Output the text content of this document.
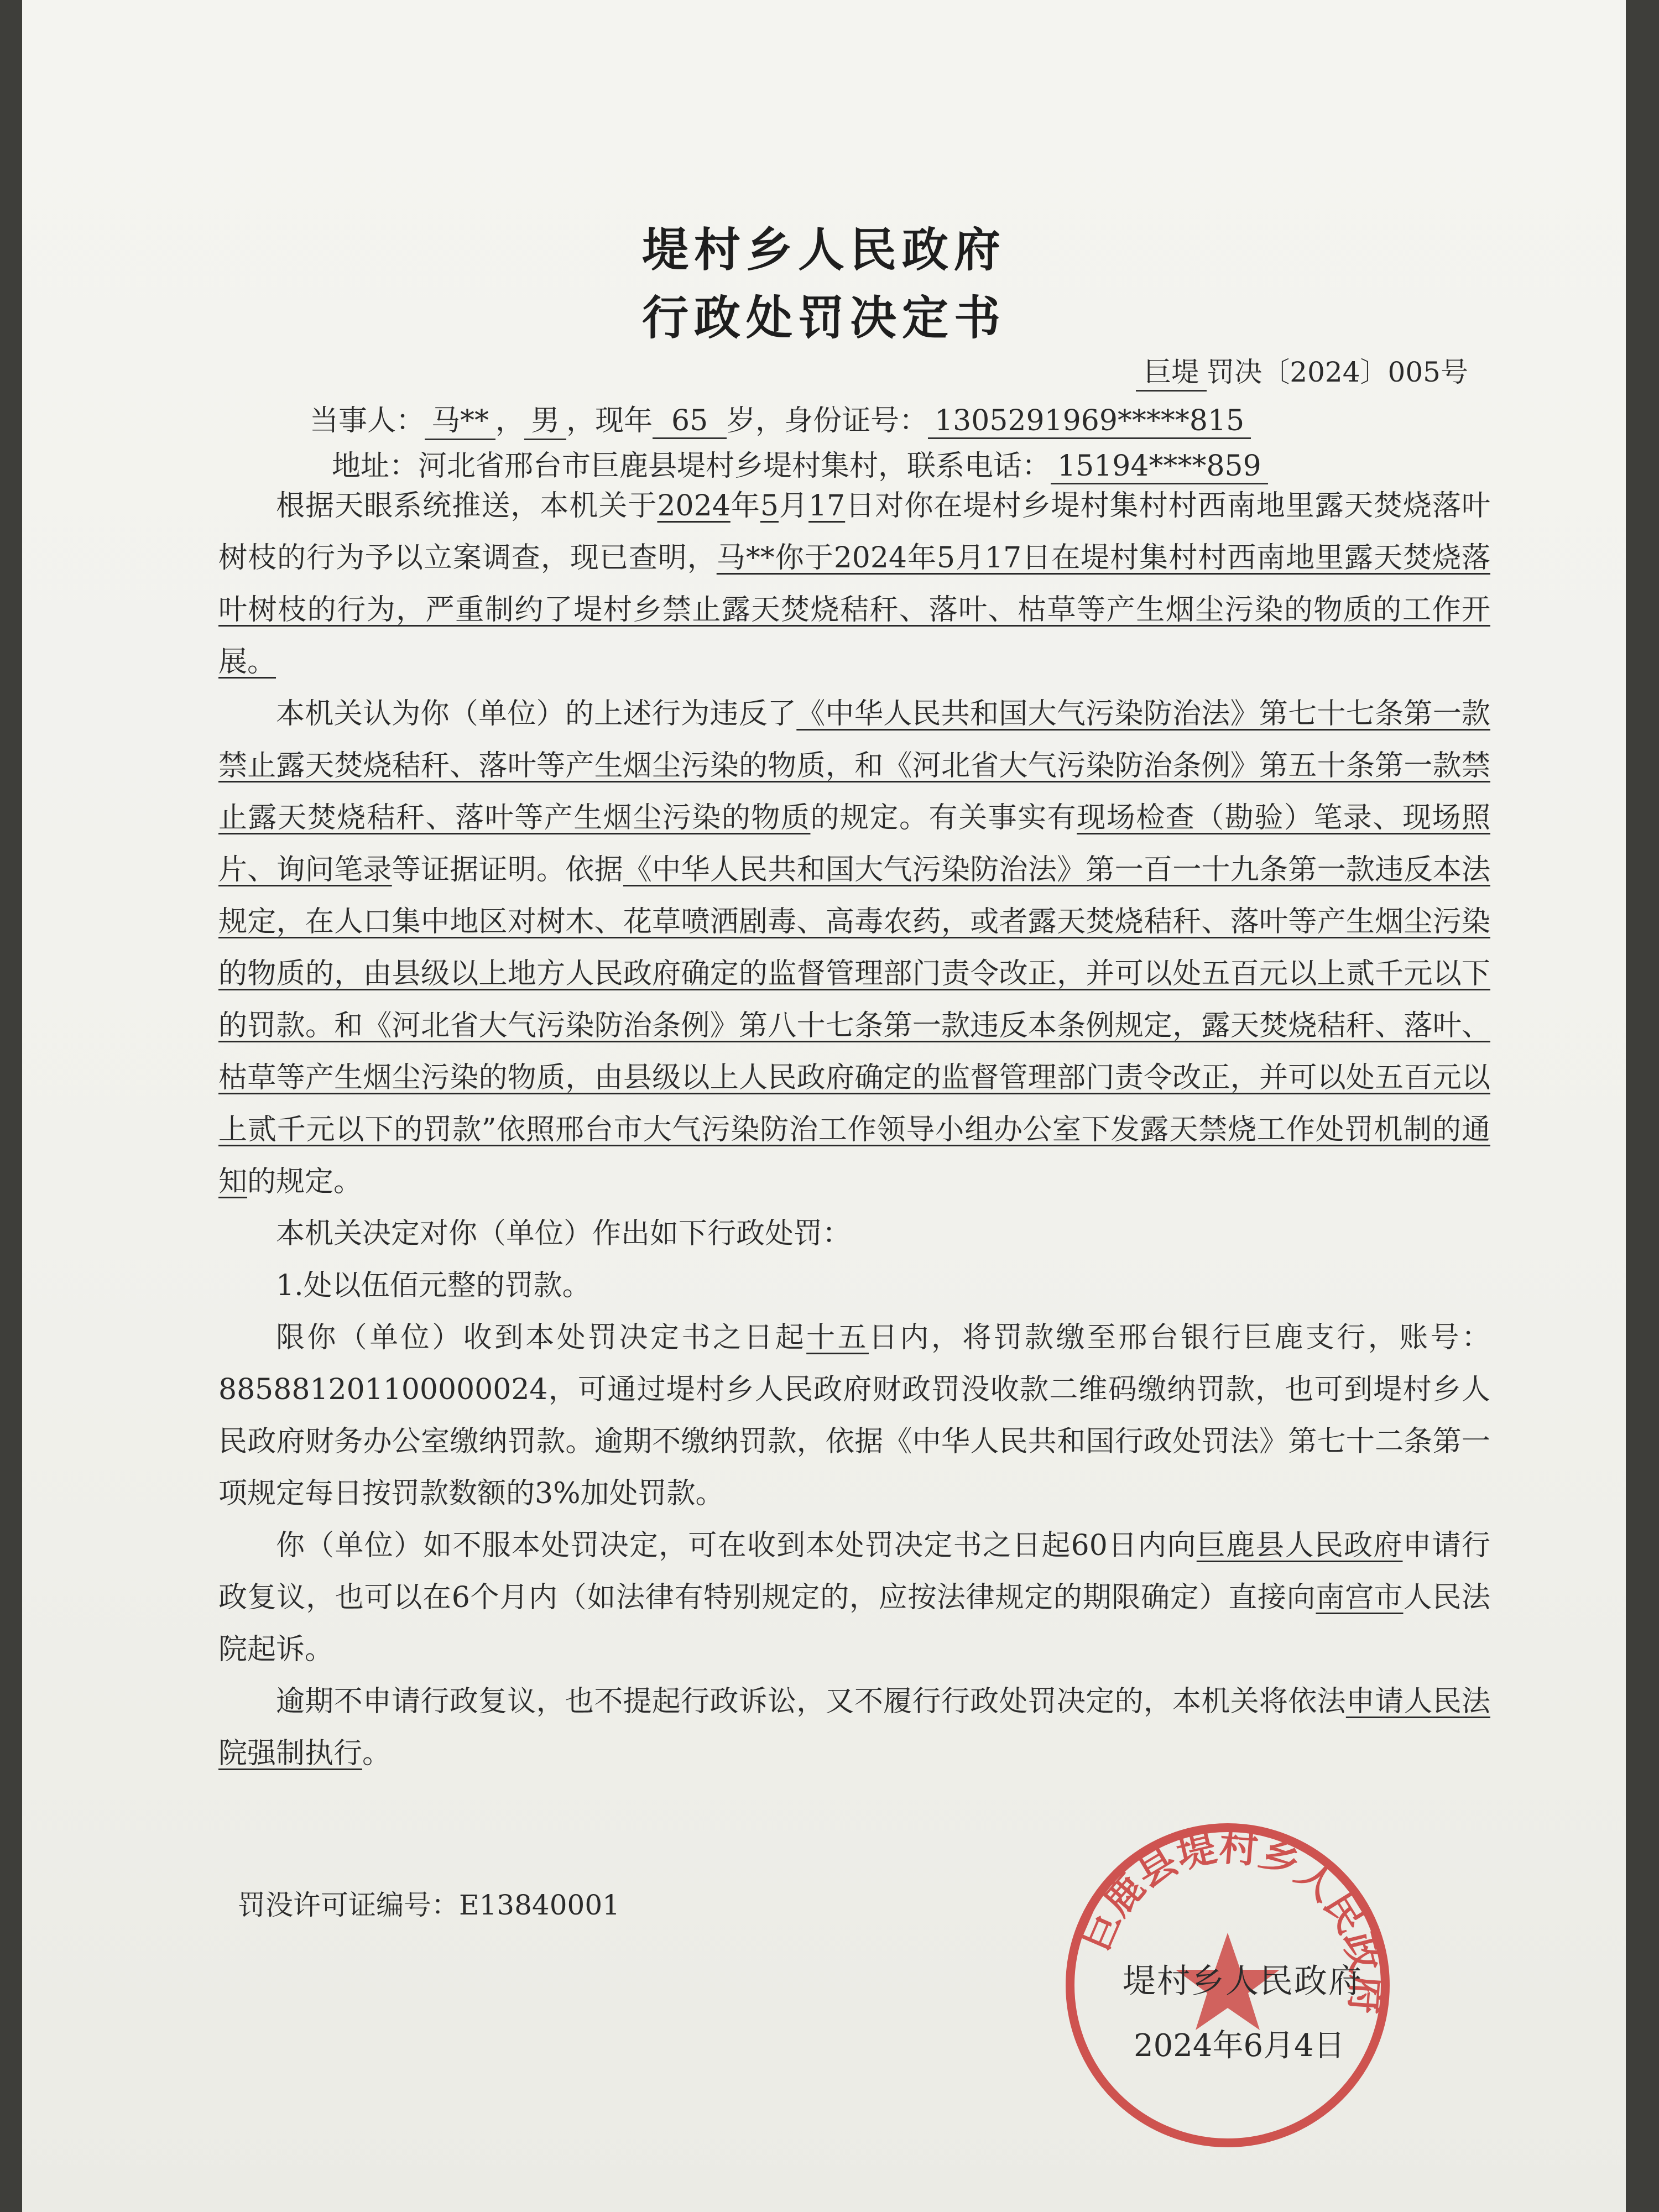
堤村乡人民政府
行政处罚决定书
巨堤 罚决〔2024〕005号
当事人： 马** ， 男 ，现年 65 岁，身份证号： 1305291969*****815
地址：河北省邢台市巨鹿县堤村乡堤村集村，联系电话： 15194****859

根据天眼系统推送，本机关于2024年5月17日对你在堤村乡堤村集村村西南地里露天焚烧落叶树枝的行为予以立案调查，现已查明，马**你于2024年5月17日在堤村集村村西南地里露天焚烧落叶树枝的行为，严重制约了堤村乡禁止露天焚烧秸秆、落叶、枯草等产生烟尘污染的物质的工作开展。

本机关认为你（单位）的上述行为违反了《中华人民共和国大气污染防治法》第七十七条第一款禁止露天焚烧秸秆、落叶等产生烟尘污染的物质，和《河北省大气污染防治条例》第五十条第一款禁止露天焚烧秸秆、落叶等产生烟尘污染的物质的规定。有关事实有现场检查（勘验）笔录、现场照片、询问笔录等证据证明。依据《中华人民共和国大气污染防治法》第一百一十九条第一款违反本法规定，在人口集中地区对树木、花草喷洒剧毒、高毒农药，或者露天焚烧秸秆、落叶等产生烟尘污染的物质的，由县级以上地方人民政府确定的监督管理部门责令改正，并可以处五百元以上贰千元以下的罚款。和《河北省大气污染防治条例》第八十七条第一款违反本条例规定，露天焚烧秸秆、落叶、枯草等产生烟尘污染的物质，由县级以上人民政府确定的监督管理部门责令改正，并可以处五百元以上贰千元以下的罚款”依照邢台市大气污染防治工作领导小组办公室下发露天禁烧工作处罚机制的通知的规定。

本机关决定对你（单位）作出如下行政处罚：

1.处以伍佰元整的罚款。

限你（单位）收到本处罚决定书之日起十五日内，将罚款缴至邢台银行巨鹿支行，账号：885881201100000024，可通过堤村乡人民政府财政罚没收款二维码缴纳罚款，也可到堤村乡人民政府财务办公室缴纳罚款。逾期不缴纳罚款，依据《中华人民共和国行政处罚法》第七十二条第一项规定每日按罚款数额的3%加处罚款。

你（单位）如不服本处罚决定，可在收到本处罚决定书之日起60日内向巨鹿县人民政府申请行政复议，也可以在6个月内（如法律有特别规定的，应按法律规定的期限确定）直接向南宫市人民法院起诉。

逾期不申请行政复议，也不提起行政诉讼，又不履行行政处罚决定的，本机关将依法申请人民法院强制执行。

罚没许可证编号：E13840001	巨鹿县堤村乡人民政府
堤村乡人民政府
2024年6月4日
